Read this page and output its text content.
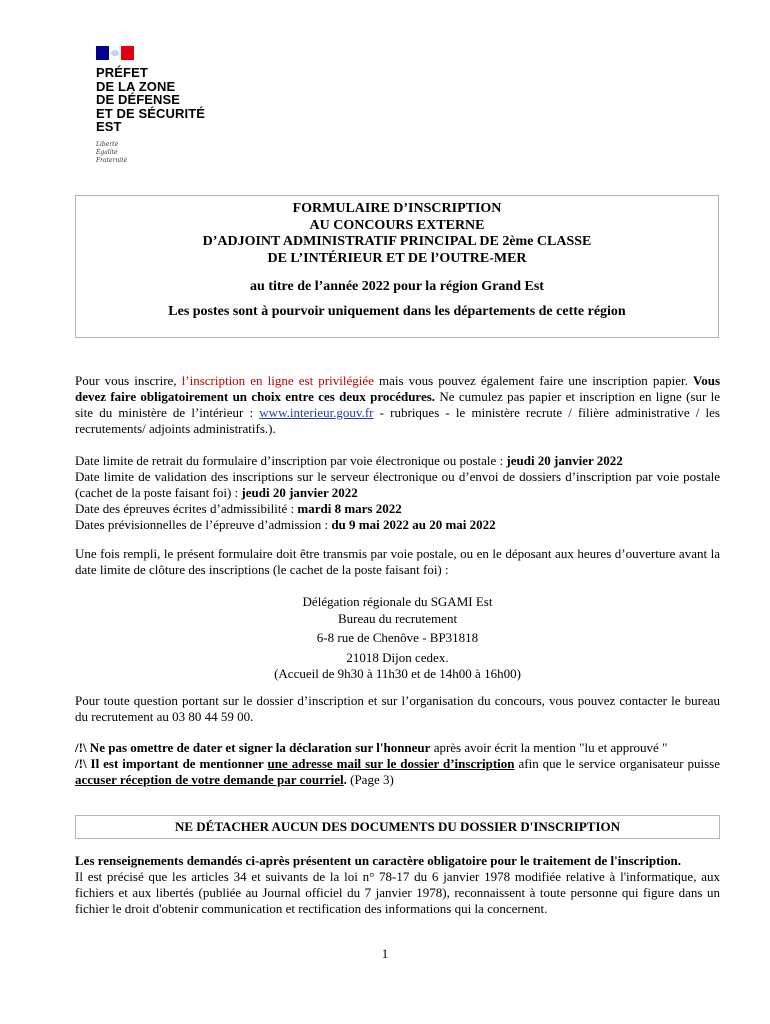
PRÉFET
DE LA ZONE
DE DÉFENSE
ET DE SÉCURITÉ
EST
Liberté
Égalité
Fraternité
FORMULAIRE D’INSCRIPTION
AU CONCOURS EXTERNE
D’ADJOINT ADMINISTRATIF PRINCIPAL DE 2ème CLASSE
DE L’INTÉRIEUR ET DE l’OUTRE-MER
au titre de l’année 2022 pour la région Grand Est
Les postes sont à pourvoir uniquement dans les départements de cette région

Pour vous inscrire, l’inscription en ligne est privilégiée mais vous pouvez également faire une inscription papier. Vous devez faire obligatoirement un choix entre ces deux procédures. Ne cumulez pas papier et inscription en ligne (sur le site du ministère de l’intérieur : www.interieur.gouv.fr - rubriques - le ministère recrute / filière administrative / les recrutements/ adjoints administratifs.).

Date limite de retrait du formulaire d’inscription par voie électronique ou postale : jeudi 20 janvier 2022

Date limite de validation des inscriptions sur le serveur électronique ou d’envoi de dossiers d’inscription par voie postale (cachet de la poste faisant foi) : jeudi 20 janvier 2022

Date des épreuves écrites d’admissibilité : mardi 8 mars 2022

Dates prévisionnelles de l’épreuve d’admission : du 9 mai 2022 au 20 mai 2022

Une fois rempli, le présent formulaire doit être transmis par voie postale, ou en le déposant aux heures d’ouverture avant la date limite de clôture des inscriptions (le cachet de la poste faisant foi) :

Délégation régionale du SGAMI Est

Bureau du recrutement

6-8 rue de Chenôve - BP31818

21018 Dijon cedex.

(Accueil de 9h30 à 11h30 et de 14h00 à 16h00)

Pour toute question portant sur le dossier d’inscription et sur l’organisation du concours, vous pouvez contacter le bureau du recrutement au 03 80 44 59 00.

/!\ Ne pas omettre de dater et signer la déclaration sur l'honneur après avoir écrit la mention "lu et approuvé "

/!\ Il est important de mentionner une adresse mail sur le dossier d’inscription afin que le service organisateur puisse accuser réception de votre demande par courriel. (Page 3)

NE DÉTACHER AUCUN DES DOCUMENTS DU DOSSIER D'INSCRIPTION

Les renseignements demandés ci-après présentent un caractère obligatoire pour le traitement de l'inscription.

Il est précisé que les articles 34 et suivants de la loi n° 78-17 du 6 janvier 1978 modifiée relative à l'informatique, aux fichiers et aux libertés (publiée au Journal officiel du 7 janvier 1978), reconnaissent à toute personne qui figure dans un fichier le droit d'obtenir communication et rectification des informations qui la concernent.

1
